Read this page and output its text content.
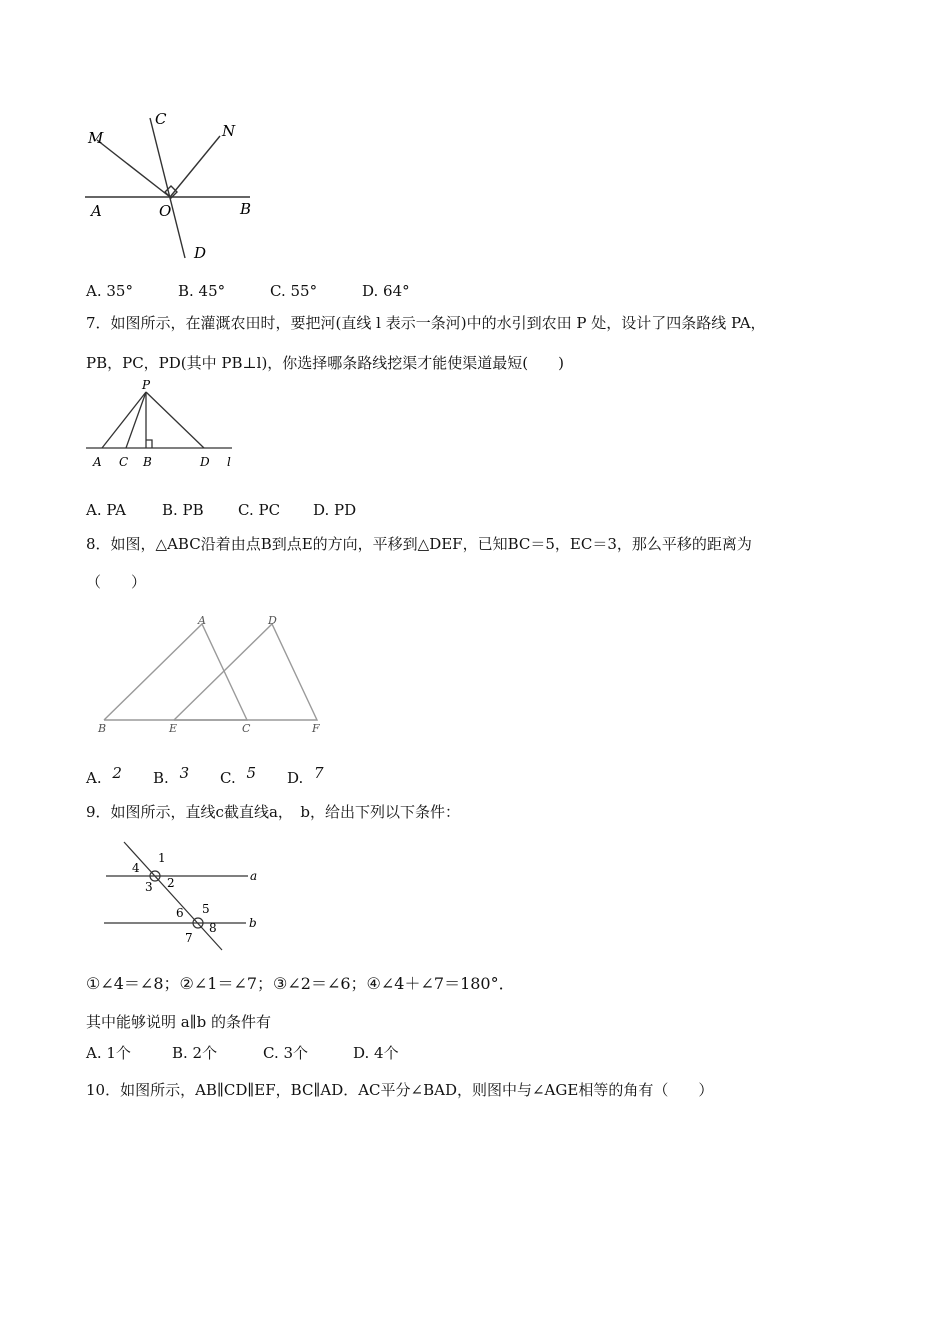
M
C
N
A	O	B
D
A. 35°	B. 45°	C. 55°	D. 64°
7．如图所示，在灌溉农田时，要把河(直线 l 表示一条河)中的水引到农田 P 处，设计了四条路线 PA，
PB，PC，PD(其中 PB⊥l)，你选择哪条路线挖渠才能使渠道最短(　　)
P
A C B	D l
A. PA B. PB C. PC D. PD
8．如图，△ABC沿着由点B到点E的方向，平移到△DEF，已知BC＝5，EC＝3，那么平移的距离为
（　　）
A	D
B	E	C	F
A. 2 B. 3 C. 5 D. 7
9．如图所示，直线c截直线a，　b，给出下列以下条件：
1
2
3
4
5
6
7
8
a
b
①∠4＝∠8；②∠1＝∠7；③∠2＝∠6；④∠4＋∠7＝180°．
其中能够说明 a∥b 的条件有
A. 1个	B. 2个	C. 3个	D. 4个
10．如图所示，AB∥CD∥EF，BC∥AD．AC平分∠BAD，则图中与∠AGE相等的角有（　　）
